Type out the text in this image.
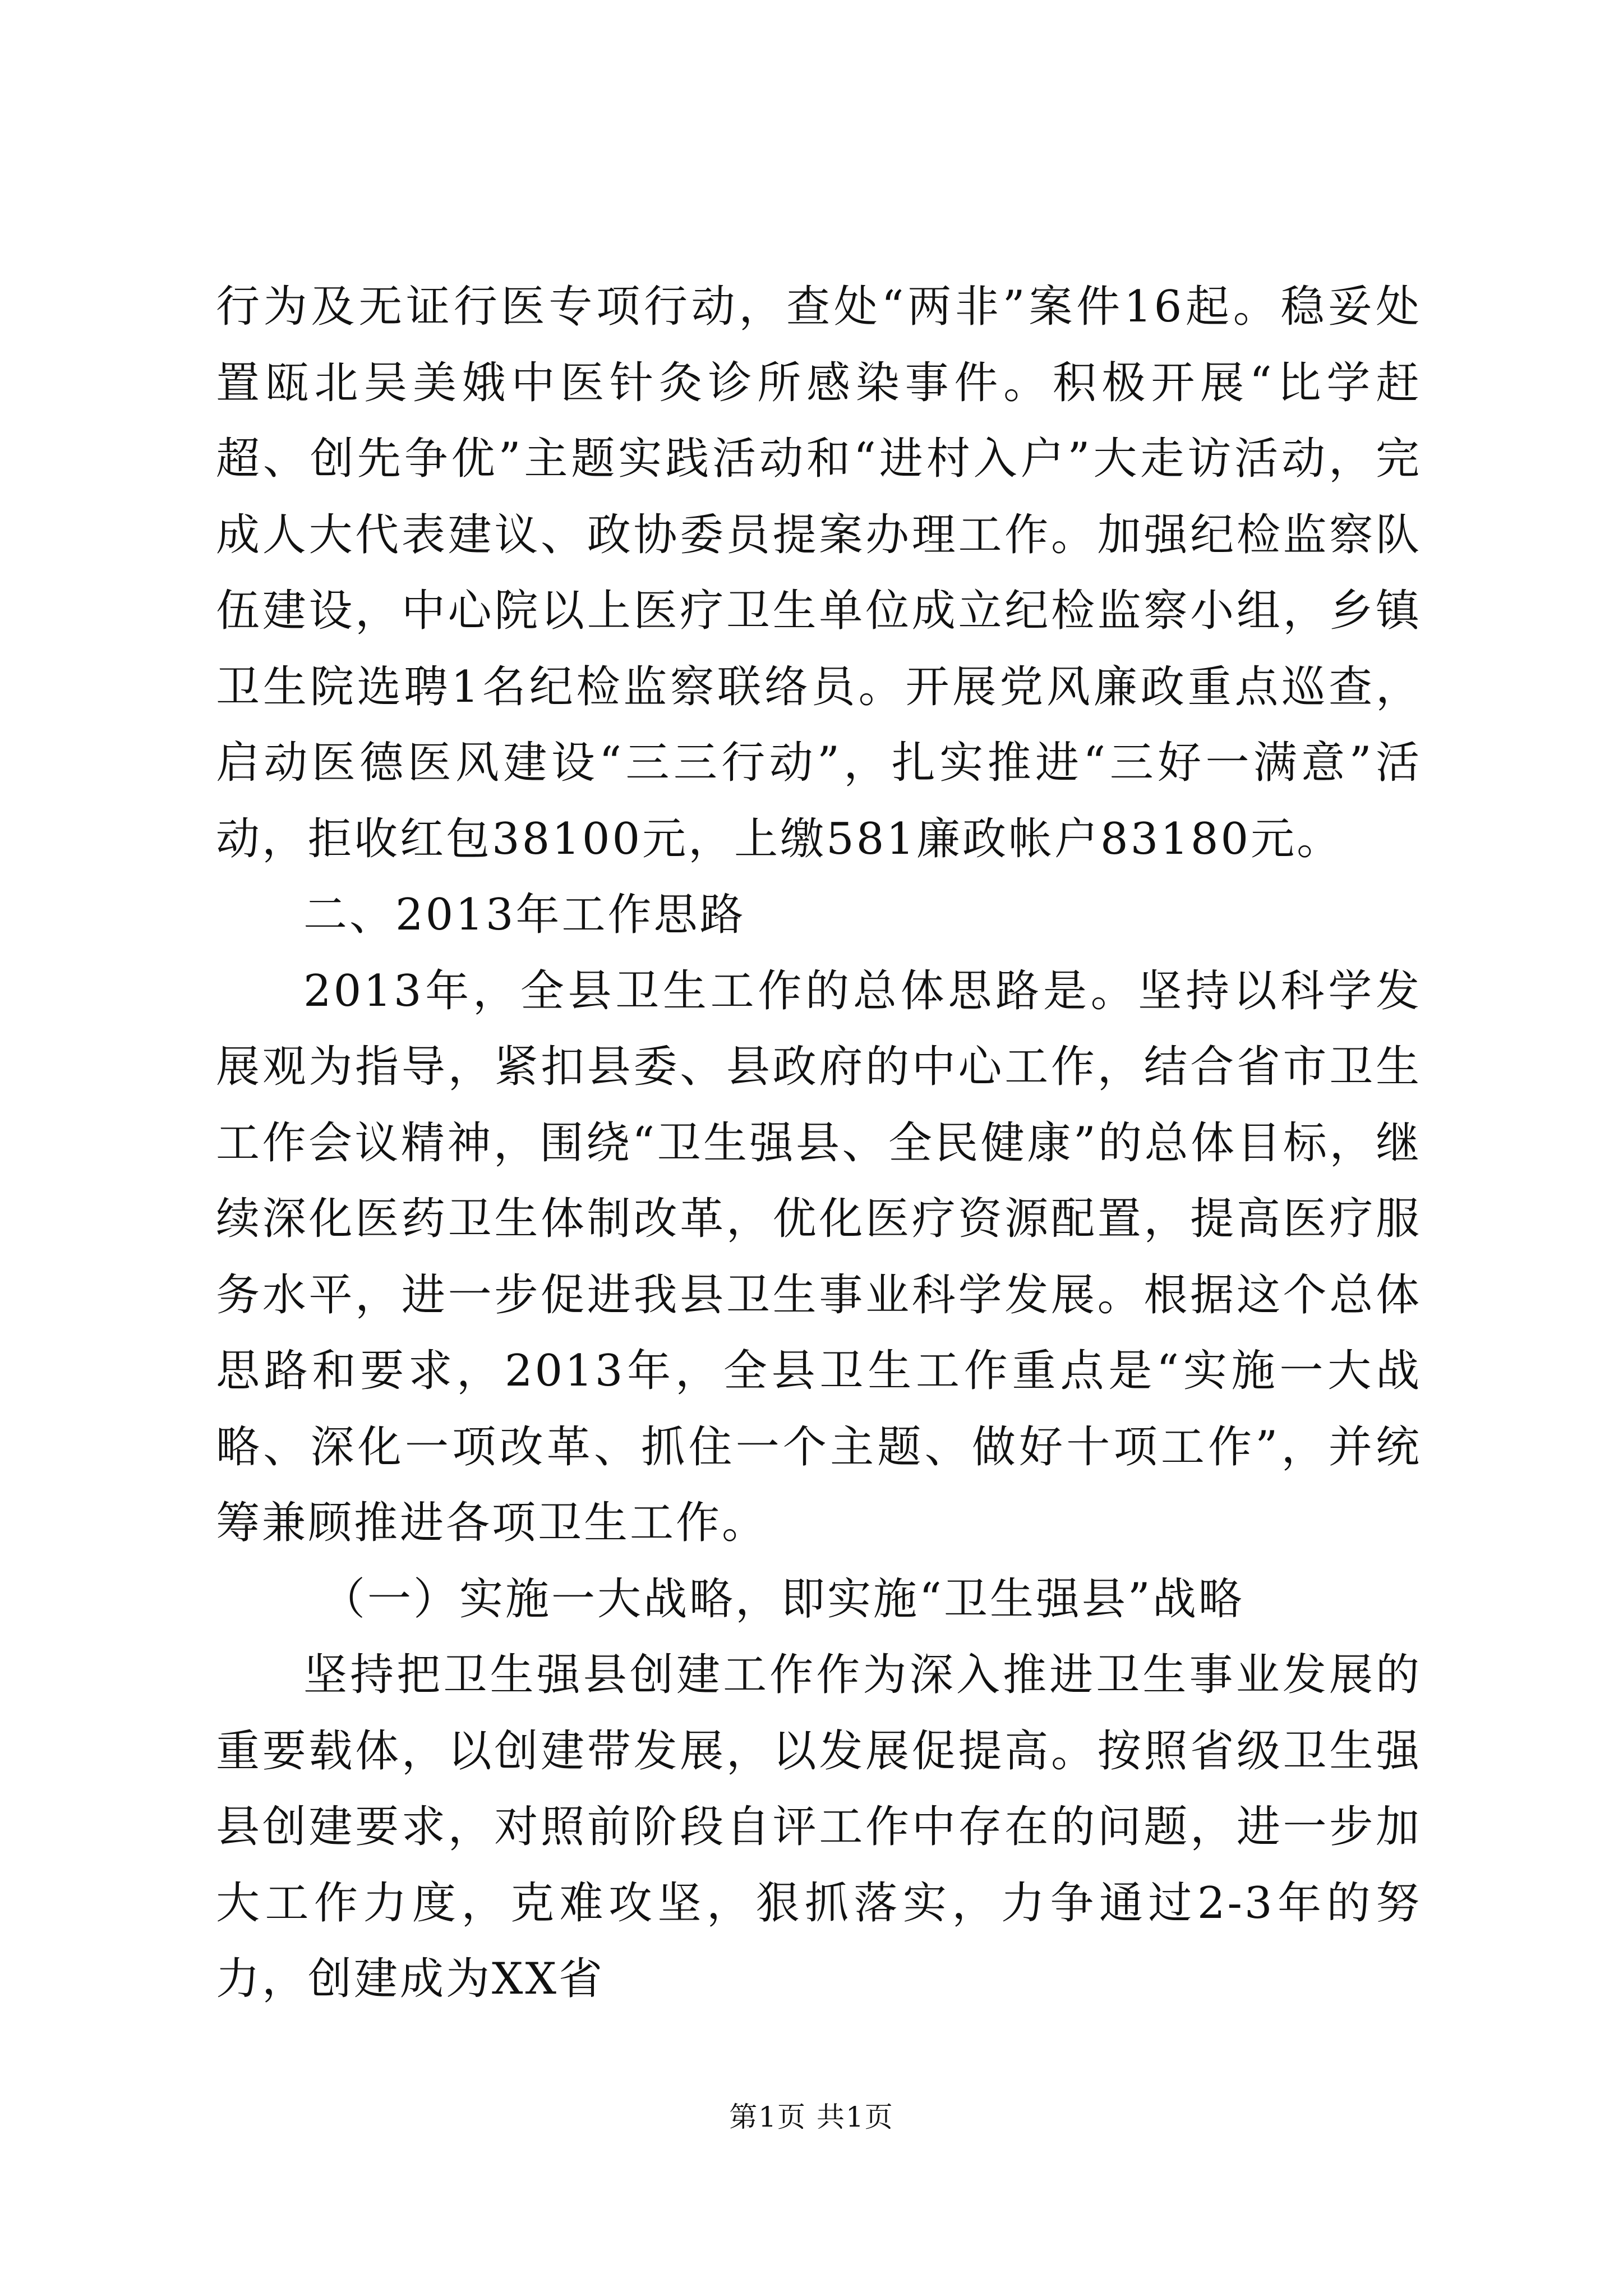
行为及无证行医专项行动，查处“两非”案件16起。稳妥处置瓯北吴美娥中医针灸诊所感染事件。积极开展“比学赶超、创先争优”主题实践活动和“进村入户”大走访活动，完成人大代表建议、政协委员提案办理工作。加强纪检监察队伍建设，中心院以上医疗卫生单位成立纪检监察小组，乡镇卫生院选聘1名纪检监察联络员。开展党风廉政重点巡查，启动医德医风建设“三三行动”，扎实推进“三好一满意”活动，拒收红包38100元，上缴581廉政帐户83180元。

二、2013年工作思路

2013年，全县卫生工作的总体思路是。坚持以科学发展观为指导，紧扣县委、县政府的中心工作，结合省市卫生工作会议精神，围绕“卫生强县、全民健康”的总体目标，继续深化医药卫生体制改革，优化医疗资源配置，提高医疗服务水平，进一步促进我县卫生事业科学发展。根据这个总体思路和要求，2013年，全县卫生工作重点是“实施一大战略、深化一项改革、抓住一个主题、做好十项工作”，并统筹兼顾推进各项卫生工作。

（一）实施一大战略，即实施“卫生强县”战略

坚持把卫生强县创建工作作为深入推进卫生事业发展的重要载体，以创建带发展，以发展促提高。按照省级卫生强县创建要求，对照前阶段自评工作中存在的问题，进一步加大工作力度，克难攻坚，狠抓落实，力争通过2-3年的努力，创建成为XX省

第1页 共1页
